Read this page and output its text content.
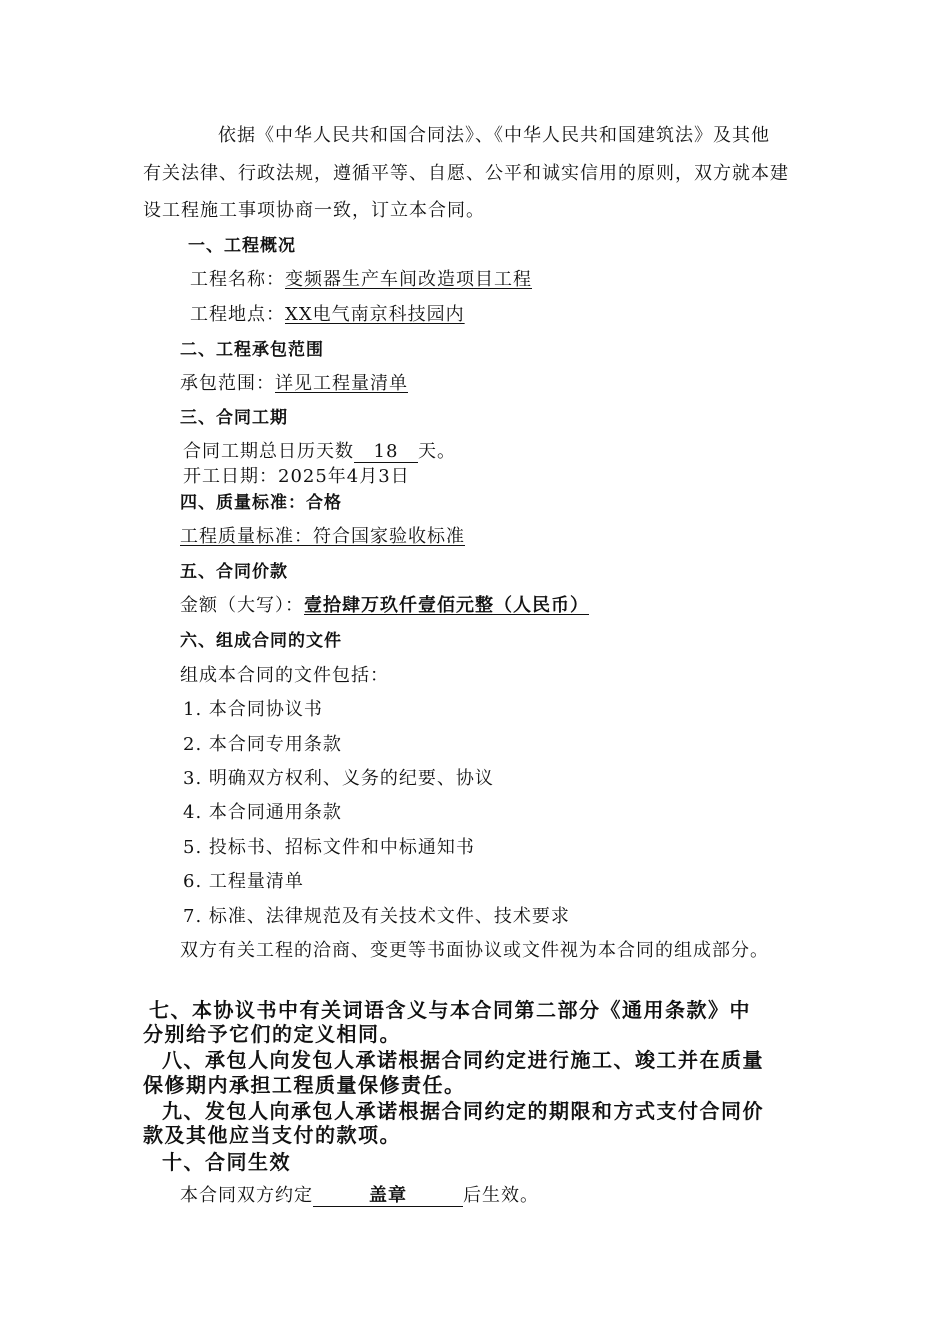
依据《中华人民共和国合同法》、《中华人民共和国建筑法》及其他
有关法律、行政法规，遵循平等、自愿、公平和诚实信用的原则，双方就本建
设工程施工事项协商一致，订立本合同。
一、工程概况
工程名称：变频器生产车间改造项目工程
工程地点：XX电气南京科技园内
二、工程承包范围
承包范围：详见工程量清单
三、合同工期
合同工期总日历天数 18 天。
开工日期：2025年4月3日
四、质量标准：合格
工程质量标准：符合国家验收标准
五、合同价款
金额（大写）：壹拾肆万玖仟壹佰元整（人民币）
六、组成合同的文件
组成本合同的文件包括：
1. 本合同协议书
2. 本合同专用条款
3. 明确双方权利、义务的纪要、协议
4. 本合同通用条款
5. 投标书、招标文件和中标通知书
6. 工程量清单
7. 标准、法律规范及有关技术文件、技术要求
双方有关工程的洽商、变更等书面协议或文件视为本合同的组成部分。
七、本协议书中有关词语含义与本合同第二部分《通用条款》中
分别给予它们的定义相同。
八、承包人向发包人承诺根据合同约定进行施工、竣工并在质量
保修期内承担工程质量保修责任。
九、发包人向承包人承诺根据合同约定的期限和方式支付合同价
款及其他应当支付的款项。
十、合同生效
本合同双方约定	盖章	后生效。
